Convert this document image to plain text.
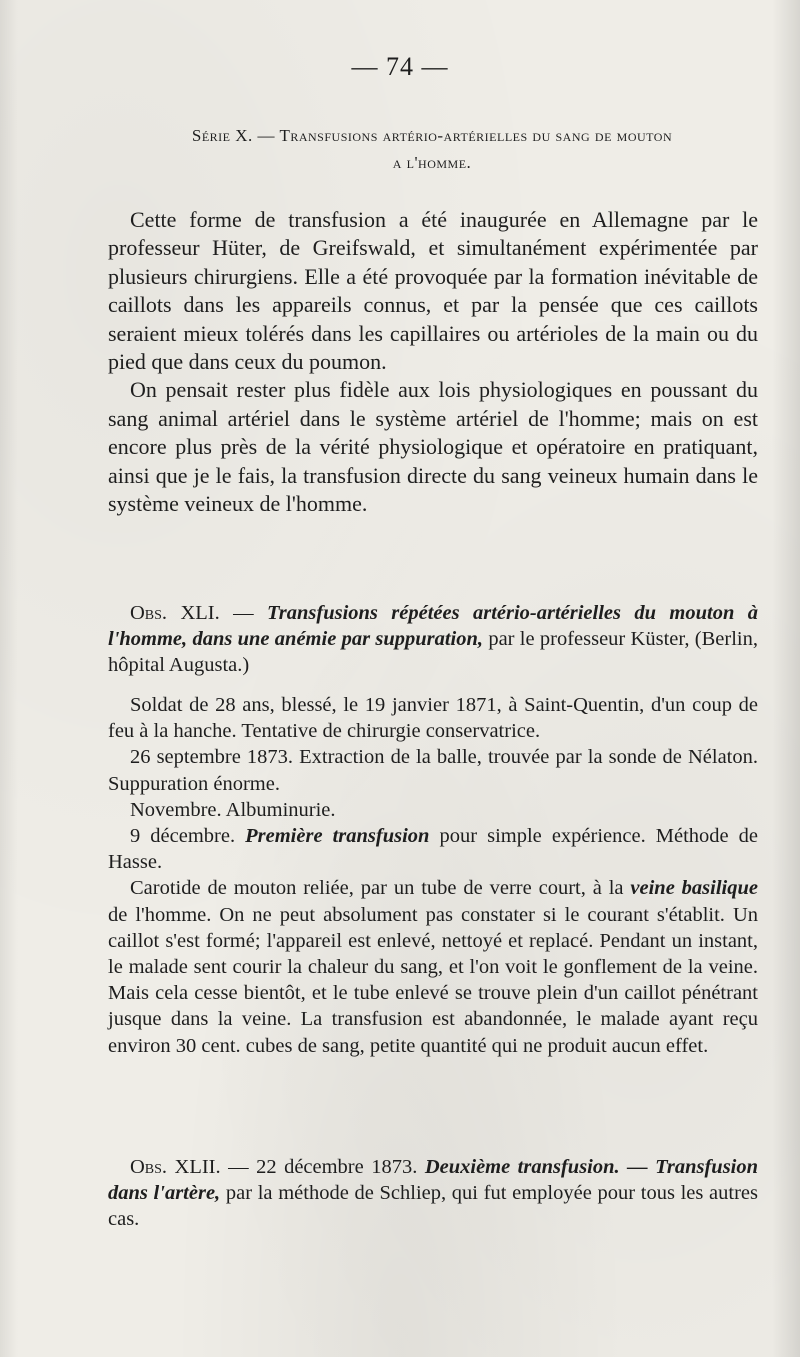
— 74 —
Série X. — Transfusions artério-artérielles du sang de mouton
a l'homme.

Cette forme de transfusion a été inaugurée en Allemagne par le professeur Hüter, de Greifswald, et simultanément expérimentée par plusieurs chirurgiens. Elle a été provoquée par la formation inévitable de caillots dans les appareils connus, et par la pensée que ces caillots seraient mieux tolérés dans les capillaires ou artérioles de la main ou du pied que dans ceux du poumon.

On pensait rester plus fidèle aux lois physiologiques en poussant du sang animal artériel dans le système artériel de l'homme; mais on est encore plus près de la vérité physiologique et opératoire en pratiquant, ainsi que je le fais, la transfusion directe du sang veineux humain dans le système veineux de l'homme.

Obs. XLI. — Transfusions répétées artério-artérielles du mouton à l'homme, dans une anémie par suppuration, par le professeur Küster, (Berlin, hôpital Augusta.)

Soldat de 28 ans, blessé, le 19 janvier 1871, à Saint-Quentin, d'un coup de feu à la hanche. Tentative de chirurgie conservatrice.

26 septembre 1873. Extraction de la balle, trouvée par la sonde de Nélaton. Suppuration énorme.

Novembre. Albuminurie.

9 décembre. Première transfusion pour simple expérience. Méthode de Hasse.

Carotide de mouton reliée, par un tube de verre court, à la veine basilique de l'homme. On ne peut absolument pas constater si le courant s'établit. Un caillot s'est formé; l'appareil est enlevé, nettoyé et replacé. Pendant un instant, le malade sent courir la chaleur du sang, et l'on voit le gonflement de la veine. Mais cela cesse bientôt, et le tube enlevé se trouve plein d'un caillot pénétrant jusque dans la veine. La transfusion est abandonnée, le malade ayant reçu environ 30 cent. cubes de sang, petite quantité qui ne produit aucun effet.

Obs. XLII. — 22 décembre 1873. Deuxième transfusion. — Transfusion dans l'artère, par la méthode de Schliep, qui fut employée pour tous les autres cas.
